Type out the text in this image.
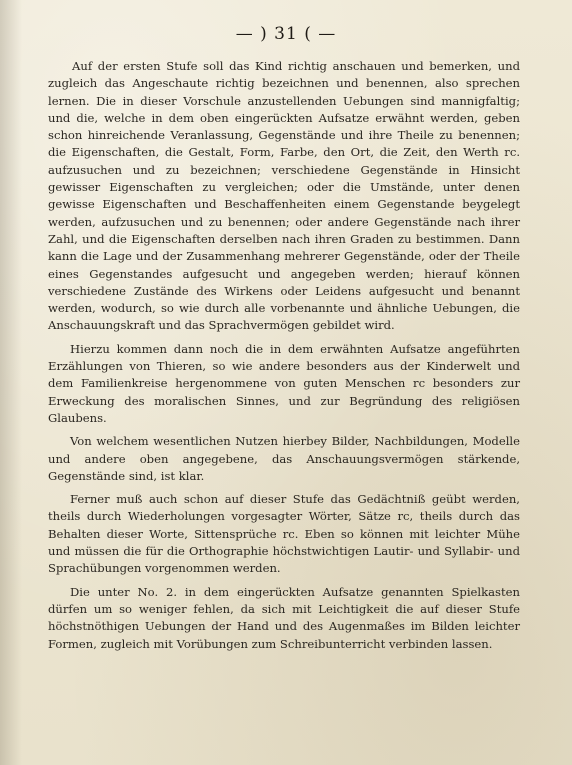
— ) 31 ( —

Auf der ersten Stufe soll das Kind richtig anschauen und bemerken, und zugleich das Angeschaute richtig bezeichnen und benennen, also sprechen lernen. Die in dieser Vorschule anzustellenden Uebungen sind mannigfaltig; und die, welche in dem oben eingerückten Aufsatze erwähnt werden, geben schon hinreichende Veranlassung, Gegenstände und ihre Theile zu benennen; die Eigenschaften, die Gestalt, Form, Farbe, den Ort, die Zeit, den Werth rc. aufzusuchen und zu bezeichnen; verschiedene Gegenstände in Hinsicht gewisser Eigenschaften zu vergleichen; oder die Umstände, unter denen gewisse Eigenschaften und Beschaffenheiten einem Gegenstande beygelegt werden, aufzusuchen und zu benennen; oder andere Gegenstände nach ihrer Zahl, und die Eigenschaften derselben nach ihren Graden zu bestimmen. Dann kann die Lage und der Zusammenhang mehrerer Gegenstände, oder der Theile eines Gegenstandes aufgesucht und angegeben werden; hierauf können verschiedene Zustände des Wirkens oder Leidens aufgesucht und benannt werden, wodurch, so wie durch alle vorbenannte und ähnliche Uebungen, die Anschauungskraft und das Sprachvermögen gebildet wird.

Hierzu kommen dann noch die in dem erwähnten Aufsatze angeführten Erzählungen von Thieren, so wie andere besonders aus der Kinderwelt und dem Familienkreise hergenommene von guten Menschen rc besonders zur Erweckung des moralischen Sinnes, und zur Begründung des religiösen Glaubens.

Von welchem wesentlichen Nutzen hierbey Bilder, Nachbildungen, Modelle und andere oben angegebene, das Anschauungsvermögen stärkende, Gegenstände sind, ist klar.

Ferner muß auch schon auf dieser Stufe das Gedächtniß geübt werden, theils durch Wiederholungen vorgesagter Wörter, Sätze rc, theils durch das Behalten dieser Worte, Sittensprüche rc. Eben so können mit leichter Mühe und müssen die für die Orthographie höchstwichtigen Lautir- und Syllabir- und Sprachübungen vorgenommen werden.

Die unter No. 2. in dem eingerückten Aufsatze genannten Spielkasten dürfen um so weniger fehlen, da sich mit Leichtigkeit die auf dieser Stufe höchstnöthigen Uebungen der Hand und des Augenmaßes im Bilden leichter Formen, zugleich mit Vorübungen zum Schreibunterricht verbinden lassen.
